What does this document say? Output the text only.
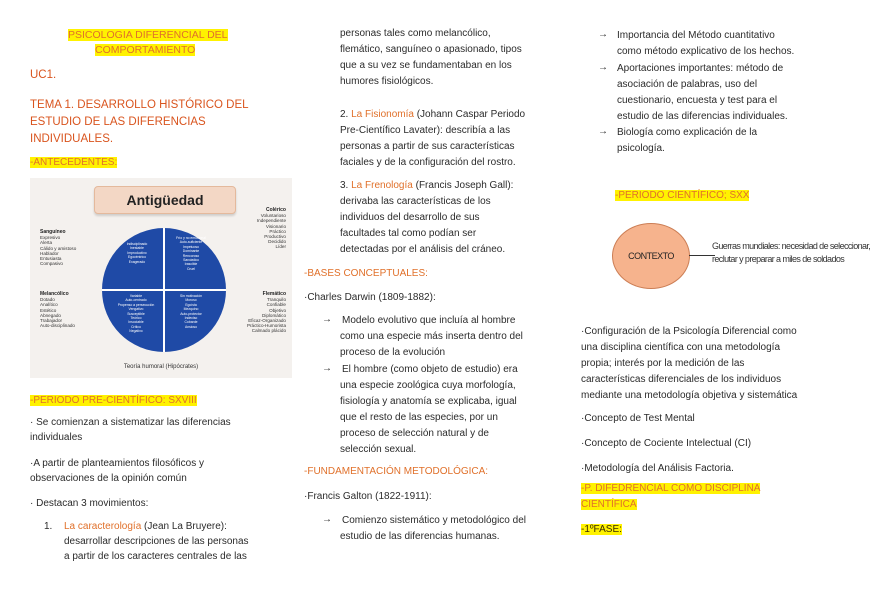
PSICOLOGIA DIFERENCIAL DEL

COMPORTAMIENTO

UC1.

TEMA 1. DESARROLLO HISTÓRICO DEL

ESTUDIO DE LAS DIFERENCIAS

INDIVIDUALES.

-ANTECEDENTES:

Antigüedad
Sanguíneo
Expresivo
Alerta
Cálido y amistoso
Hablador
Entusiasta
Compasivo
Colérico
Voluntarioso
Independiente
Visionario
Práctico
Productivo
Decidido
Líder
Melancólico
Dotado
Analítico
Estético
Abnegado
Trabajador
Auto-disciplinado
Flemático
Tranquilo
Confiable
Objetivo
Diplomático
Eficaz-Organizado
Práctico-Humorista
Calmado plácido
Indisciplinado
Inestable
Improductivo
Egocéntrico
Exagerado
Frío y no emocional
Auto-suficiente
Impetuoso
Dominante
Rencoroso
Sarcástico
Irascible
Cruel
Variable
Auto-centrado
Propenso a persecución
Vengativo
Susceptible
Teórico
Insociable
Crítico
Negativo
Sin motivación
Moroso
Egoísta
Mezquino
Auto-protector
Indeciso
Cobarde
Ansioso
Teoría humoral (Hipócrates)

-PERIODO PRE-CIENTÍFICO: SXVIII

· Se comienzan a sistematizar las diferencias

individuales

·A partir de planteamientos filosóficos y

observaciones de la opinión común

· Destacan 3 movimientos:

1. La caracterología (Jean La Bruyere):

desarrollar descripciones de las personas

a partir de los caracteres centrales de las

personas tales como melancólico,

flemático, sanguíneo o apasionado, tipos

que a su vez se fundamentaban en los

humores fisiológicos.

2. La Fisionomía (Johann Caspar Periodo

Pre-Científico Lavater): describía a las

personas a partir de sus características

faciales y de la configuración del rostro.

3. La Frenología (Francis Joseph Gall):

derivaba las características de los

individuos del desarrollo de sus

facultades tal como podían ser

detectadas por el análisis del cráneo.

-BASES CONCEPTUALES:

·Charles Darwin (1809-1882):

→ Modelo evolutivo que incluía al hombre

como una especie más inserta dentro del

proceso de la evolución

→ El hombre (como objeto de estudio) era

una especie zoológica cuya morfología,

fisiología y anatomía se explicaba, igual

que el resto de las especies, por un

proceso de selección natural y de

selección sexual.

-FUNDAMENTACIÓN METODOLÓGICA:

·Francis Galton (1822-1911):

→ Comienzo sistemático y metodológico del

estudio de las diferencias humanas.

→ Importancia del Método cuantitativo

como método explicativo de los hechos.

→ Aportaciones importantes: método de

asociación de palabras, uso del

cuestionario, encuesta y test para el

estudio de las diferencias individuales.

→ Biología como explicación de la

psicología.

-PERIODO CIENTÍFICO; SXX

CONTEXTO
Guerras mundiales: necesidad de seleccionar,
reclutar y preparar a miles de soldados

·Configuración de la Psicología Diferencial como

una disciplina científica con una metodología

propia; interés por la medición de las

características diferenciales de los individuos

mediante una metodología objetiva y sistemática

·Concepto de Test Mental

·Concepto de Cociente Intelectual (CI)

·Metodología del Análisis Factoria.

-P. DIFEDRENCIAL COMO DISCIPLINA

CIENTÍFICA

-1ºFASE:
